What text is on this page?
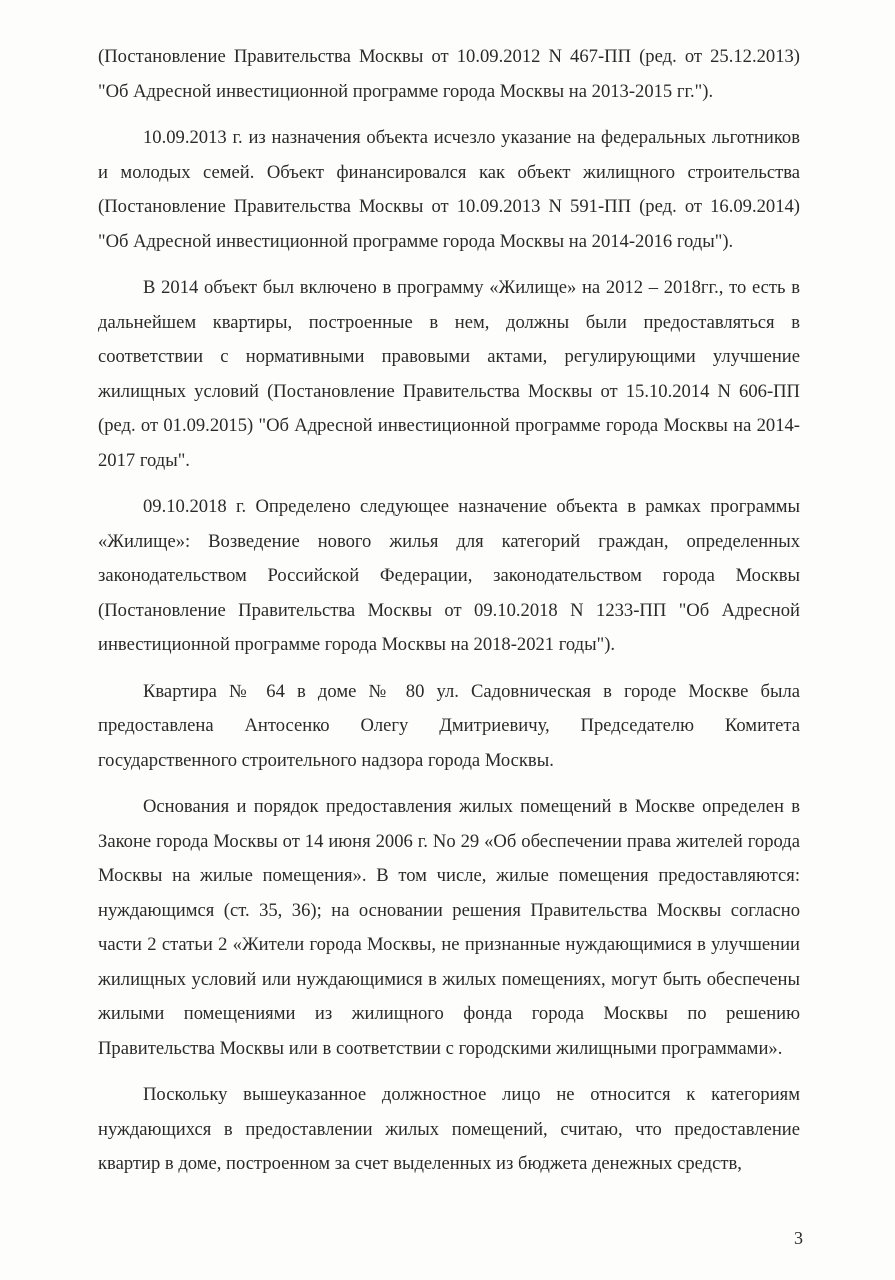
(Постановление Правительства Москвы от 10.09.2012 N 467-ПП (ред. от 25.12.2013) "Об Адресной инвестиционной программе города Москвы на 2013-2015 гг.").

10.09.2013 г. из назначения объекта исчезло указание на федеральных льготников и молодых семей. Объект финансировался как объект жилищного строительства (Постановление Правительства Москвы от 10.09.2013 N 591-ПП (ред. от 16.09.2014) "Об Адресной инвестиционной программе города Москвы на 2014-2016 годы").

В 2014 объект был включено в программу «Жилище» на 2012 – 2018гг., то есть в дальнейшем квартиры, построенные в нем, должны были предоставляться в соответствии с нормативными правовыми актами, регулирующими улучшение жилищных условий (Постановление Правительства Москвы от 15.10.2014 N 606-ПП (ред. от 01.09.2015) "Об Адресной инвестиционной программе города Москвы на 2014-2017 годы".

09.10.2018 г. Определено следующее назначение объекта в рамках программы «Жилище»: Возведение нового жилья для категорий граждан, определенных законодательством Российской Федерации, законодательством города Москвы (Постановление Правительства Москвы от 09.10.2018 N 1233-ПП "Об Адресной инвестиционной программе города Москвы на 2018-2021 годы").

Квартира № 64 в доме № 80 ул. Садовническая в городе Москве была предоставлена Антосенко Олегу Дмитриевичу, Председателю Комитета государственного строительного надзора города Москвы.

Основания и порядок предоставления жилых помещений в Москве определен в Законе города Москвы от 14 июня 2006 г. No 29 «Об обеспечении права жителей города Москвы на жилые помещения». В том числе, жилые помещения предоставляются: нуждающимся (ст. 35, 36); на основании решения Правительства Москвы согласно части 2 статьи 2 «Жители города Москвы, не признанные нуждающимися в улучшении жилищных условий или нуждающимися в жилых помещениях, могут быть обеспечены жилыми помещениями из жилищного фонда города Москвы по решению Правительства Москвы или в соответствии с городскими жилищными программами».

Поскольку вышеуказанное должностное лицо не относится к категориям нуждающихся в предоставлении жилых помещений, считаю, что предоставление квартир в доме, построенном за счет выделенных из бюджета денежных средств,

3
